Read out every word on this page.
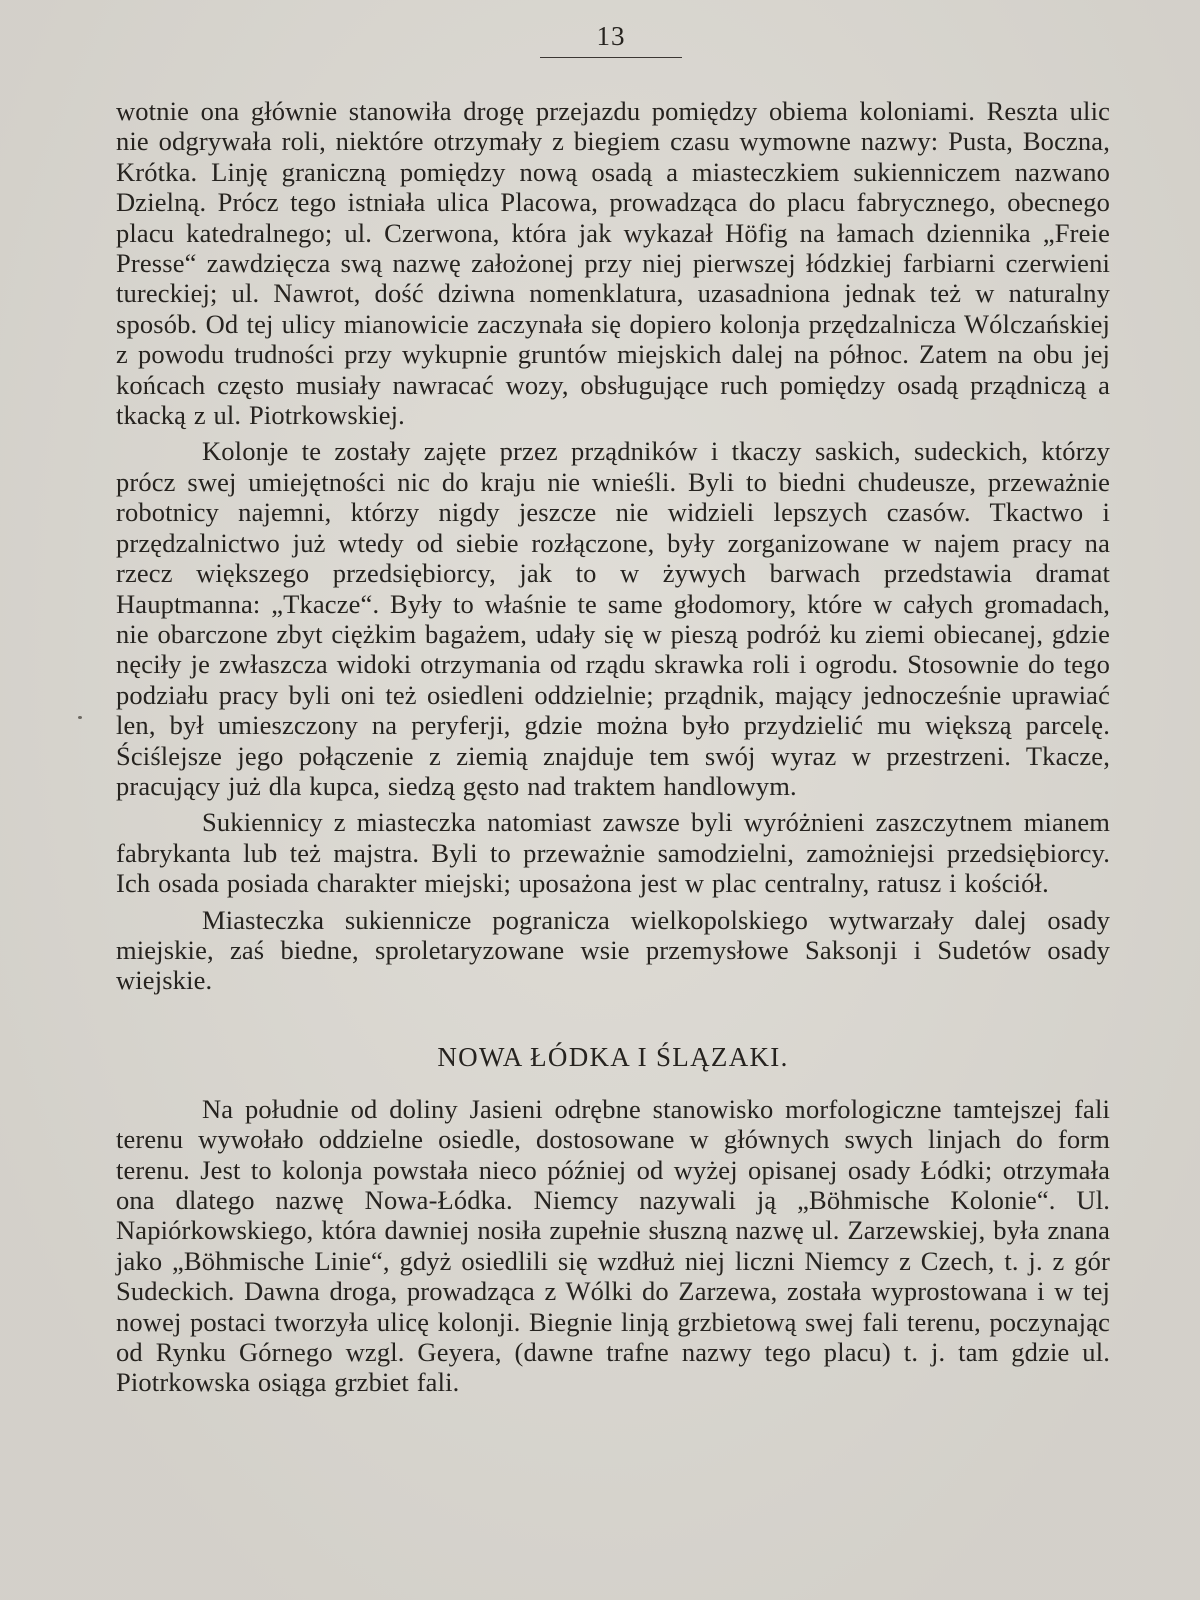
13

wotnie ona głównie stanowiła drogę przejazdu pomiędzy obiema koloniami. Reszta ulic nie odgrywała roli, niektóre otrzymały z biegiem czasu wymowne nazwy: Pusta, Boczna, Krótka. Linję graniczną pomiędzy nową osadą a miasteczkiem sukienniczem nazwano Dzielną. Prócz tego istniała ulica Placowa, prowadząca do placu fabrycznego, obecnego placu katedralnego; ul. Czerwona, która jak wykazał Höfig na łamach dziennika „Freie Presse“ zawdzięcza swą nazwę założonej przy niej pierwszej łódzkiej farbiarni czerwieni tureckiej; ul. Nawrot, dość dziwna nomenklatura, uzasadniona jednak też w naturalny sposób. Od tej ulicy mianowicie zaczynała się dopiero kolonja przędzalnicza Wólczańskiej z powodu trudności przy wykupnie gruntów miejskich dalej na północ. Zatem na obu jej końcach często musiały nawracać wozy, obsługujące ruch pomiędzy osadą prządniczą a tkacką z ul. Piotrkowskiej.

Kolonje te zostały zajęte przez prządników i tkaczy saskich, sudeckich, którzy prócz swej umiejętności nic do kraju nie wnieśli. Byli to biedni chudeusze, przeważnie robotnicy najemni, którzy nigdy jeszcze nie widzieli lepszych czasów. Tkactwo i przędzalnictwo już wtedy od siebie rozłączone, były zorganizowane w najem pracy na rzecz większego przedsiębiorcy, jak to w żywych barwach przedstawia dramat Hauptmanna: „Tkacze“. Były to właśnie te same głodomory, które w całych gromadach, nie obarczone zbyt ciężkim bagażem, udały się w pieszą podróż ku ziemi obiecanej, gdzie nęciły je zwłaszcza widoki otrzymania od rządu skrawka roli i ogrodu. Stosownie do tego podziału pracy byli oni też osiedleni oddzielnie; prządnik, mający jednocześnie uprawiać len, był umieszczony na peryferji, gdzie można było przydzielić mu większą parcelę. Ściślejsze jego połączenie z ziemią znajduje tem swój wyraz w przestrzeni. Tkacze, pracujący już dla kupca, siedzą gęsto nad traktem handlowym.

Sukiennicy z miasteczka natomiast zawsze byli wyróżnieni zaszczytnem mianem fabrykanta lub też majstra. Byli to przeważnie samodzielni, zamożniejsi przedsiębiorcy. Ich osada posiada charakter miejski; uposażona jest w plac centralny, ratusz i kościół.

Miasteczka sukiennicze pogranicza wielkopolskiego wytwarzały dalej osady miejskie, zaś biedne, sproletaryzowane wsie przemysłowe Saksonji i Sudetów osady wiejskie.

NOWA ŁÓDKA I ŚLĄZAKI.

Na południe od doliny Jasieni odrębne stanowisko morfologiczne tamtejszej fali terenu wywołało oddzielne osiedle, dostosowane w głównych swych linjach do form terenu. Jest to kolonja powstała nieco później od wyżej opisanej osady Łódki; otrzymała ona dlatego nazwę Nowa-Łódka. Niemcy nazywali ją „Böhmische Kolonie“. Ul. Napiórkowskiego, która dawniej nosiła zupełnie słuszną nazwę ul. Zarzewskiej, była znana jako „Böhmische Linie“, gdyż osiedlili się wzdłuż niej liczni Niemcy z Czech, t. j. z gór Sudeckich. Dawna droga, prowadząca z Wólki do Zarzewa, została wyprostowana i w tej nowej postaci tworzyła ulicę kolonji. Biegnie linją grzbietową swej fali terenu, poczynając od Rynku Górnego wzgl. Geyera, (dawne trafne nazwy tego placu) t. j. tam gdzie ul. Piotrkowska osiąga grzbiet fali.
